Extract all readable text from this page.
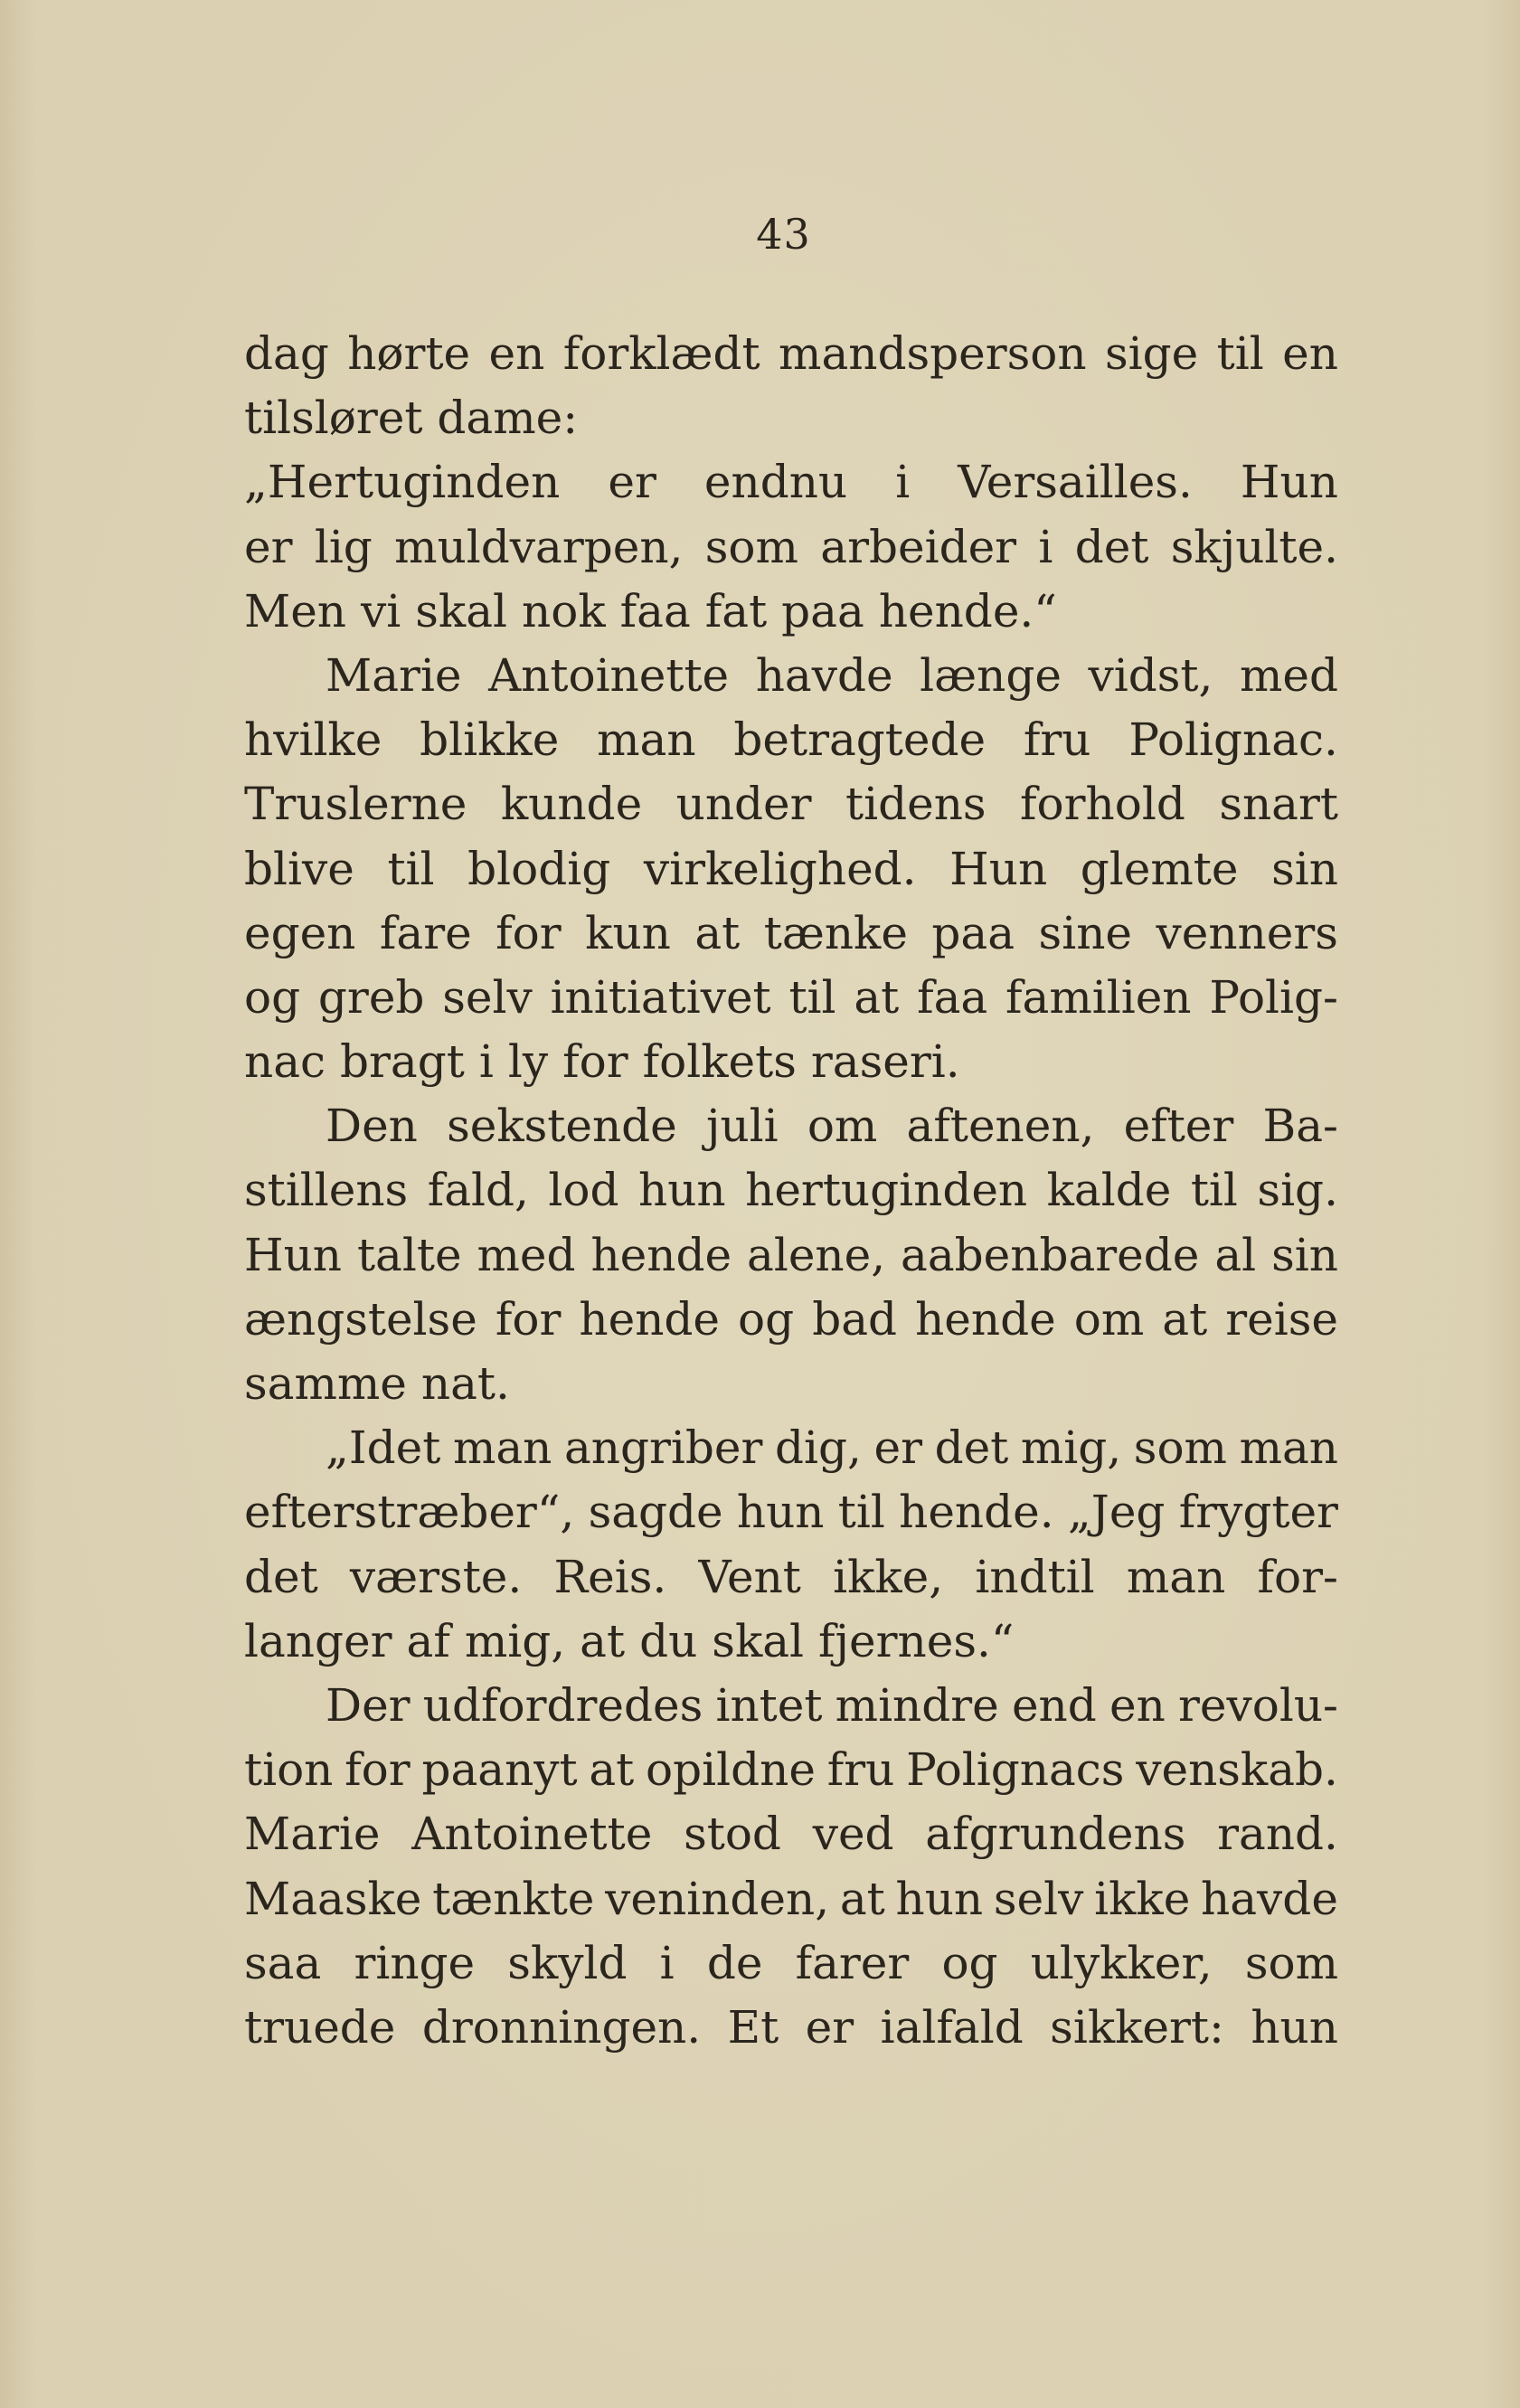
43
dag hørte en forklædt mandsperson sige til en
tilsløret dame:
„Hertuginden er endnu i Versailles. Hun
er lig muldvarpen, som arbeider i det skjulte.
Men vi skal nok faa fat paa hende.“
Marie Antoinette havde længe vidst, med
hvilke blikke man betragtede fru Polignac.
Truslerne kunde under tidens forhold snart
blive til blodig virkelighed. Hun glemte sin
egen fare for kun at tænke paa sine venners
og greb selv initiativet til at faa familien Polig-
nac bragt i ly for folkets raseri.
Den sekstende juli om aftenen, efter Ba-
stillens fald, lod hun hertuginden kalde til sig.
Hun talte med hende alene, aabenbarede al sin
ængstelse for hende og bad hende om at reise
samme nat.
„Idet man angriber dig, er det mig, som man
efterstræber“, sagde hun til hende. „Jeg frygter
det værste. Reis. Vent ikke, indtil man for-
langer af mig, at du skal fjernes.“
Der udfordredes intet mindre end en revolu-
tion for paanyt at opildne fru Polignacs venskab.
Marie Antoinette stod ved afgrundens rand.
Maaske tænkte veninden, at hun selv ikke havde
saa ringe skyld i de farer og ulykker, som
truede dronningen. Et er ialfald sikkert: hun
